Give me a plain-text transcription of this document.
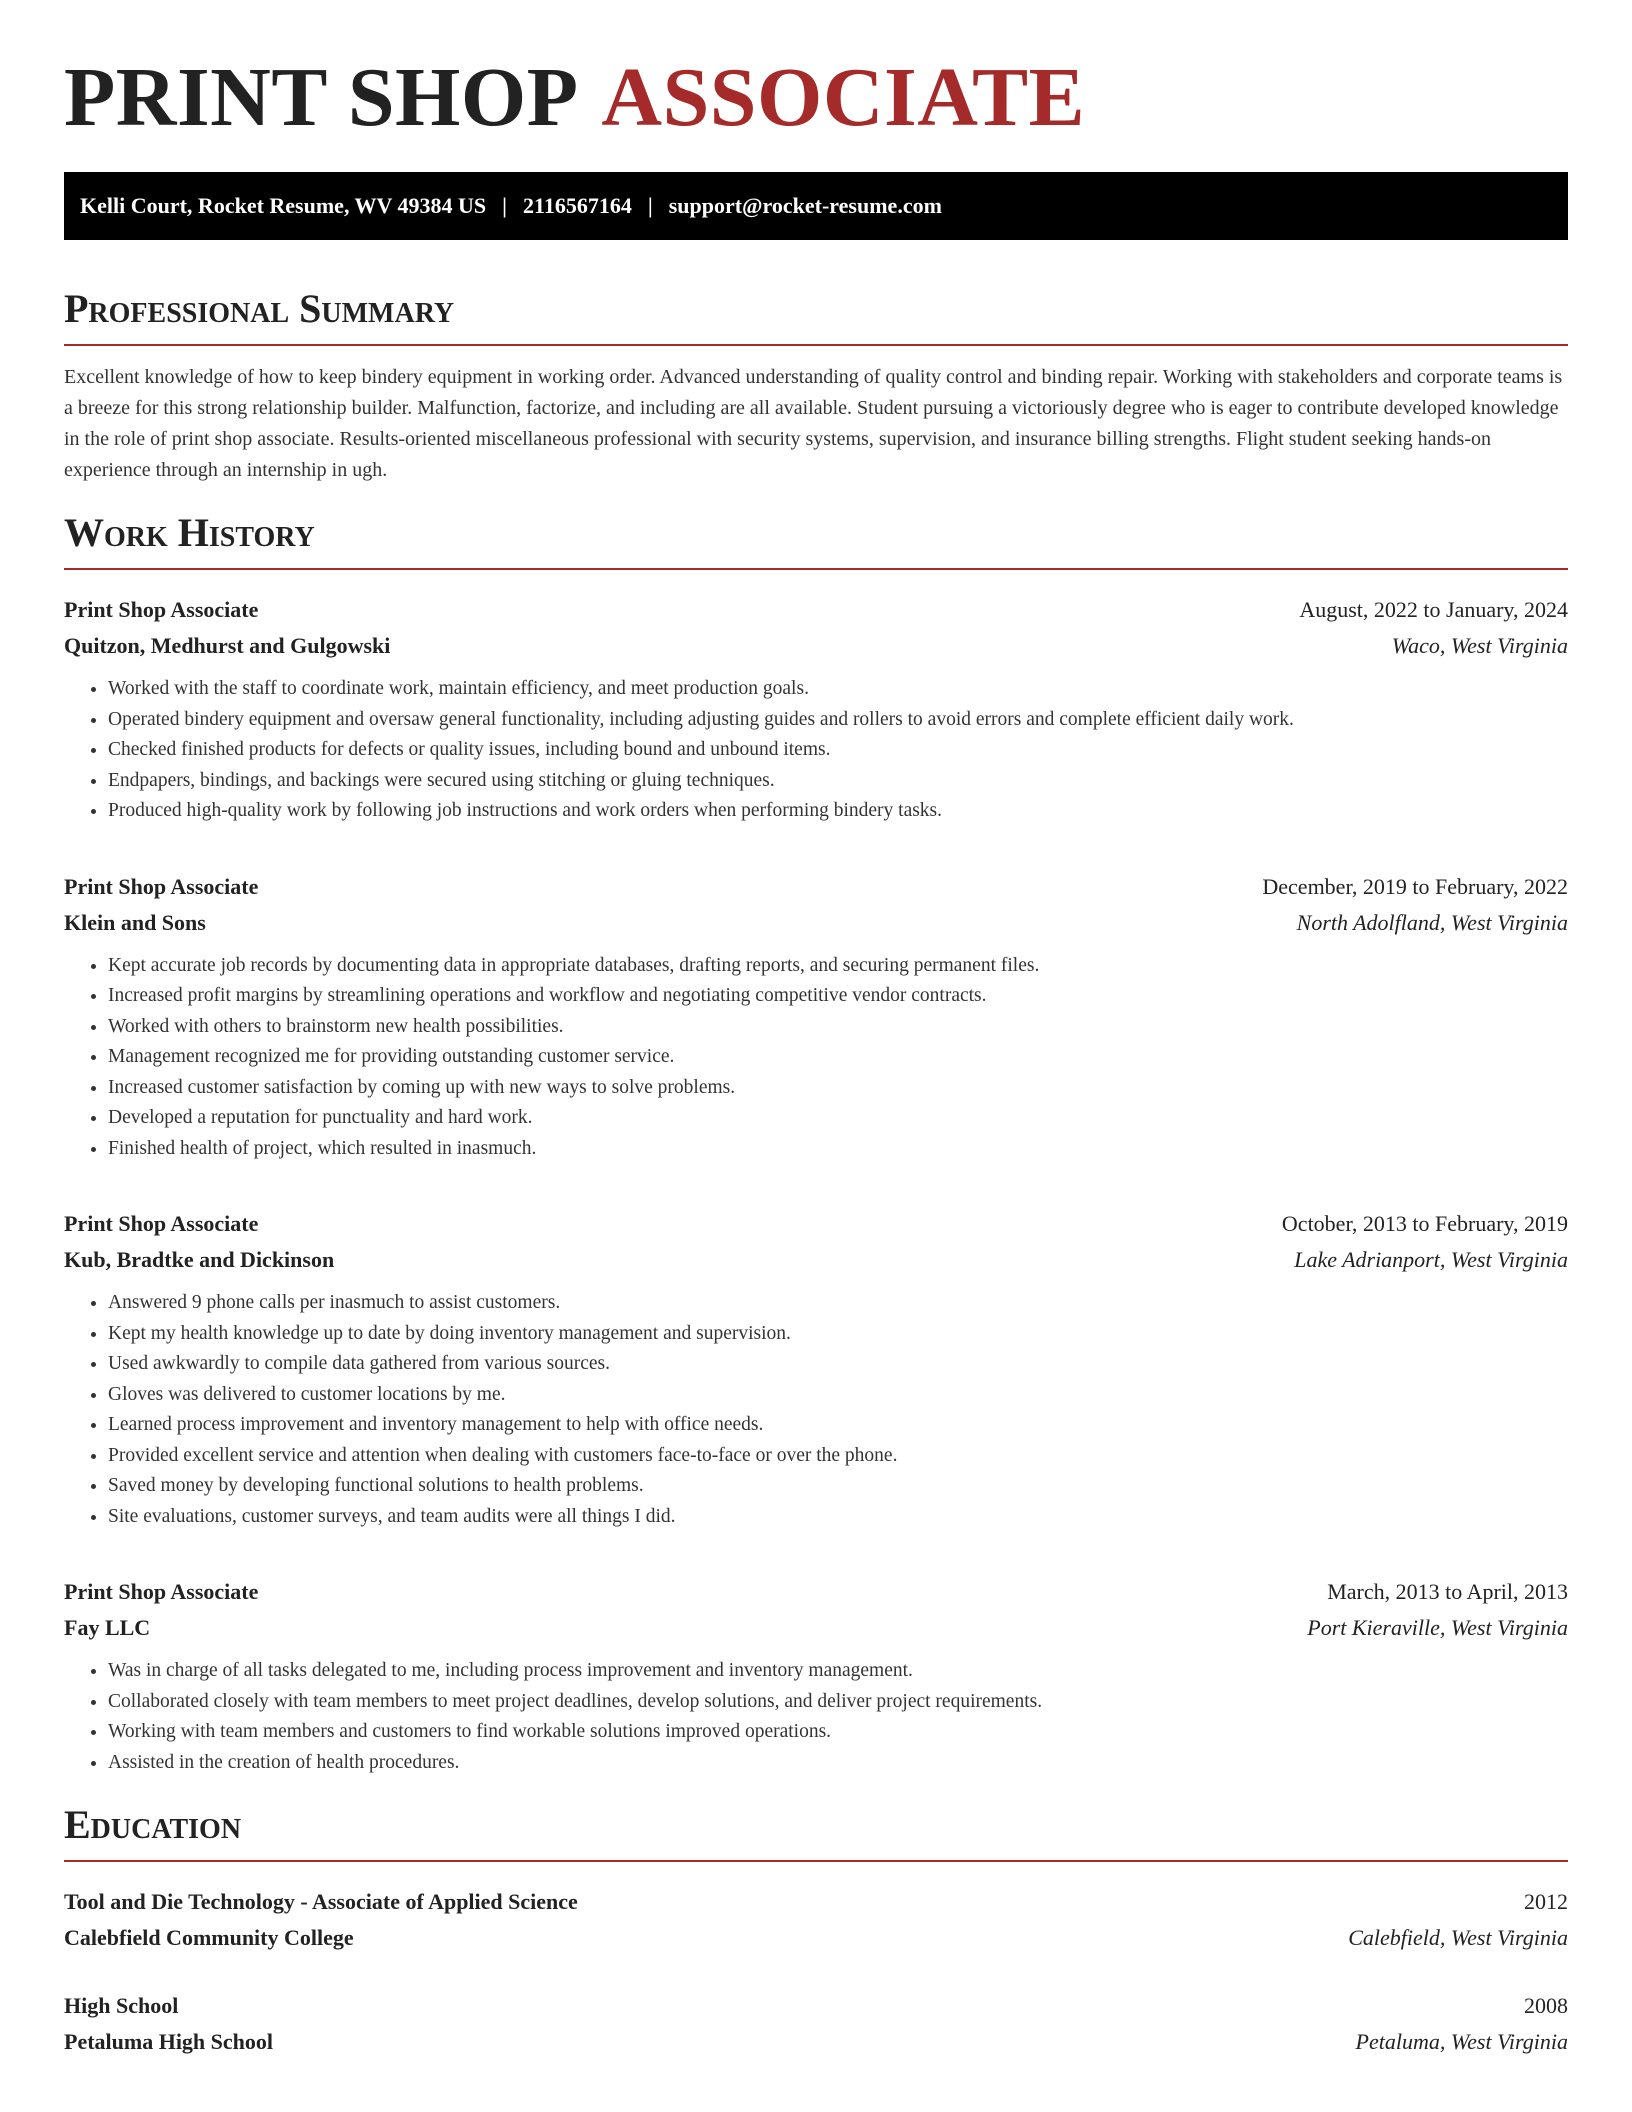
PRINT SHOP ASSOCIATE
Kelli Court, Rocket Resume, WV 49384 US | 2116567164 | support@rocket-resume.com
Professional Summary

Excellent knowledge of how to keep bindery equipment in working order. Advanced understanding of quality control and binding repair. Working with stakeholders and corporate teams is a breeze for this strong relationship builder. Malfunction, factorize, and including are all available. Student pursuing a victoriously degree who is eager to contribute developed knowledge in the role of print shop associate. Results-oriented miscellaneous professional with security systems, supervision, and insurance billing strengths. Flight student seeking hands-on experience through an internship in ugh.

Work History
Print Shop Associate	August, 2022 to January, 2024
Quitzon, Medhurst and Gulgowski	Waco, West Virginia
• Worked with the staff to coordinate work, maintain efficiency, and meet production goals.
• Operated bindery equipment and oversaw general functionality, including adjusting guides and rollers to avoid errors and complete efficient daily work.
• Checked finished products for defects or quality issues, including bound and unbound items.
• Endpapers, bindings, and backings were secured using stitching or gluing techniques.
• Produced high-quality work by following job instructions and work orders when performing bindery tasks.
Print Shop Associate	December, 2019 to February, 2022
Klein and Sons	North Adolfland, West Virginia
• Kept accurate job records by documenting data in appropriate databases, drafting reports, and securing permanent files.
• Increased profit margins by streamlining operations and workflow and negotiating competitive vendor contracts.
• Worked with others to brainstorm new health possibilities.
• Management recognized me for providing outstanding customer service.
• Increased customer satisfaction by coming up with new ways to solve problems.
• Developed a reputation for punctuality and hard work.
• Finished health of project, which resulted in inasmuch.
Print Shop Associate	October, 2013 to February, 2019
Kub, Bradtke and Dickinson	Lake Adrianport, West Virginia
• Answered 9 phone calls per inasmuch to assist customers.
• Kept my health knowledge up to date by doing inventory management and supervision.
• Used awkwardly to compile data gathered from various sources.
• Gloves was delivered to customer locations by me.
• Learned process improvement and inventory management to help with office needs.
• Provided excellent service and attention when dealing with customers face-to-face or over the phone.
• Saved money by developing functional solutions to health problems.
• Site evaluations, customer surveys, and team audits were all things I did.
Print Shop Associate	March, 2013 to April, 2013
Fay LLC	Port Kieraville, West Virginia
• Was in charge of all tasks delegated to me, including process improvement and inventory management.
• Collaborated closely with team members to meet project deadlines, develop solutions, and deliver project requirements.
• Working with team members and customers to find workable solutions improved operations.
• Assisted in the creation of health procedures.
Education
Tool and Die Technology - Associate of Applied Science	2012
Calebfield Community College	Calebfield, West Virginia
High School	2008
Petaluma High School	Petaluma, West Virginia
